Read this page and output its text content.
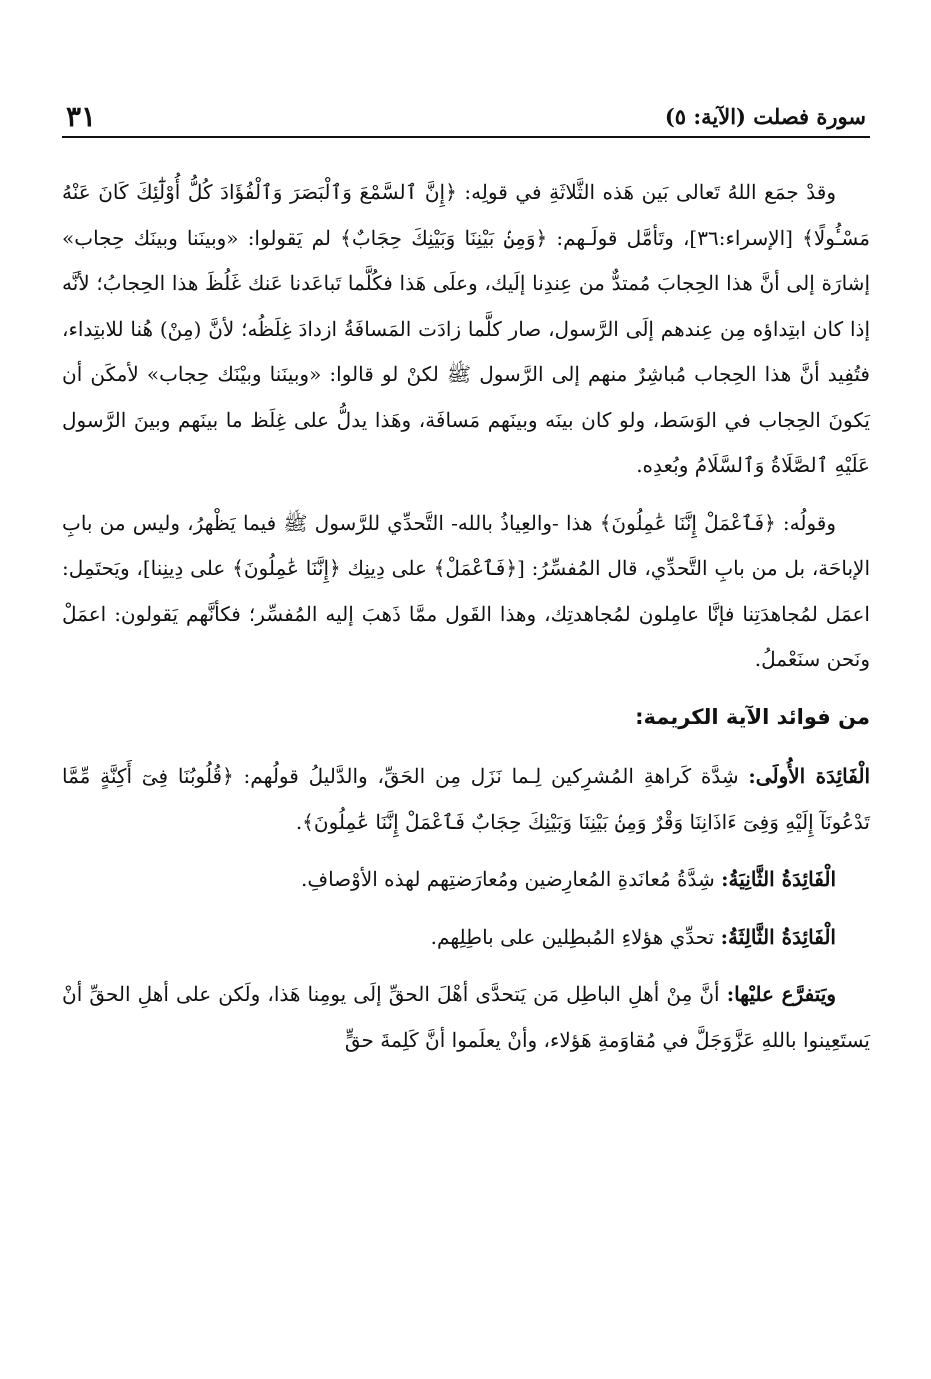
٣١	سورة فصلت (الآية: ٥)

وقدْ جمَع اللهُ تَعالى بَين هَذه الثَّلاثَةِ في قولِه: ﴿إِنَّ ٱلسَّمْعَ وَٱلْبَصَرَ وَٱلْفُؤَادَ كُلُّ أُوْلَٰٓئِكَ كَانَ عَنْهُ مَسْـُٔولًا﴾ [الإسراء:٣٦]، وتَأمَّل قولَـهم: ﴿وَمِنۢ بَيْنِنَا وَبَيْنِكَ حِجَابٌ﴾ لم يَقولوا: «وبينَنا وبينَك حِجاب» إشارَة إلى أنَّ هذا الحِجابَ مُمتدٌّ من عِندِنا إلَيك، وعلَى هَذا فكُلَّما تَباعَدنا عَنك غَلُظَ هذا الحِجابُ؛ لأنَّه إذا كان ابتِداؤه مِن عِندهم إلَى الرَّسول، صار كلَّما زادَت المَسافَةُ ازدادَ غِلَظُه؛ لأنَّ (مِنْ) هُنا للابتِداء، فتُفِيد أنَّ هذا الحِجاب مُباشِرٌ منهم إلى الرَّسول ﷺ لكنْ لو قالوا: «وبينَنا وبيْنَك حِجاب» لأمكَن أن يَكونَ الحِجاب في الوَسَط، ولو كان بينَه وبينَهم مَسافَة، وهَذا يدلُّ على غِلَظ ما بينَهم وبينَ الرَّسول عَلَيْهِ ٱلصَّلَاةُ وَٱلسَّلَامُ وبُعدِه.

وقولُه: ﴿فَٱعْمَلْ إِنَّنَا عَٰمِلُونَ﴾ هذا -والعِياذُ بالله- التَّحدِّي للرَّسول ﷺ فيما يَظْهرُ، وليس من بابِ الإباحَة، بل من بابِ التَّحدِّي، قال المُفسِّرُ: [﴿فَٱعْمَلْ﴾ على دِينِك ﴿إِنَّنَا عَٰمِلُونَ﴾ على دِينِنا]، ويَحتَمِل: اعمَل لمُجاهدَتِنا فإنَّا عامِلون لمُجاهدتِك، وهذا القَول ممَّا ذَهبَ إليه المُفسِّر؛ فكأنَّهم يَقولون: اعمَلْ ونَحن سنَعْملُ.

من فوائد الآية الكريمة:

الْفَائِدَة الأُولَى: شِدَّة كَراهةِ المُشرِكين لِـما نَزَل مِن الحَقِّ، والدَّليلُ قولُهم: ﴿قُلُوبُنَا فِىٓ أَكِنَّةٍ مِّمَّا تَدْعُونَآ إِلَيْهِ وَفِىٓ ءَاذَانِنَا وَقْرٌ وَمِنۢ بَيْنِنَا وَبَيْنِكَ حِجَابٌ فَٱعْمَلْ إِنَّنَا عَٰمِلُونَ﴾.

الْفَائِدَةُ الثَّانِيَةُ: شِدَّةُ مُعانَدةِ المُعارِضين ومُعارَضتِهم لهذه الأوْصافِ.

الْفَائِدَةُ الثَّالِثَةُ: تحدِّي هؤلاءِ المُبطِلين على باطِلِهم.

ويَتفرَّع عليْها: أنَّ مِنْ أهلِ الباطِل مَن يَتحدَّى أهْلَ الحقِّ إلَى يومِنا هَذا، ولَكن على أهلِ الحقِّ أنْ يَستَعِينوا باللهِ عَزَّوَجَلَّ في مُقاوَمةِ هَؤلاء، وأنْ يعلَموا أنَّ كَلِمةَ حقٍّ
